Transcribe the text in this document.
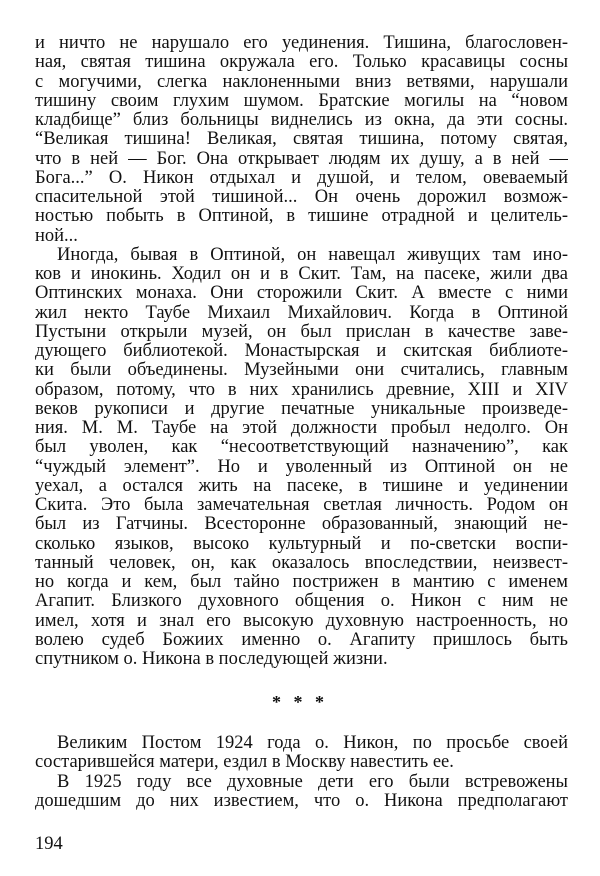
и ничто не нарушало его уединения. Тишина, благословен-
ная, святая тишина окружала его. Только красавицы сосны
с могучими, слегка наклоненными вниз ветвями, нарушали
тишину своим глухим шумом. Братские могилы на “новом
кладбище” близ больницы виднелись из окна, да эти сосны.
“Великая тишина! Великая, святая тишина, потому святая,
что в ней — Бог. Она открывает людям их душу, а в ней —
Бога...” О. Никон отдыхал и душой, и телом, овеваемый
спасительной этой тишиной... Он очень дорожил возмож-
ностью побыть в Оптиной, в тишине отрадной и целитель-
ной...
Иногда, бывая в Оптиной, он навещал живущих там ино-
ков и инокинь. Ходил он и в Скит. Там, на пасеке, жили два
Оптинских монаха. Они сторожили Скит. А вместе с ними
жил некто Таубе Михаил Михайлович. Когда в Оптиной
Пустыни открыли музей, он был прислан в качестве заве-
дующего библиотекой. Монастырская и скитская библиоте-
ки были объединены. Музейными они считались, главным
образом, потому, что в них хранились древние, XIII и XIV
веков рукописи и другие печатные уникальные произведе-
ния. М. М. Таубе на этой должности пробыл недолго. Он
был уволен, как “несоответствующий назначению”, как
“чуждый элемент”. Но и уволенный из Оптиной он не
уехал, а остался жить на пасеке, в тишине и уединении
Скита. Это была замечательная светлая личность. Родом он
был из Гатчины. Всесторонне образованный, знающий не-
сколько языков, высоко культурный и по-светски воспи-
танный человек, он, как оказалось впоследствии, неизвест-
но когда и кем, был тайно пострижен в мантию с именем
Агапит. Близкого духовного общения о. Никон с ним не
имел, хотя и знал его высокую духовную настроенность, но
волею судеб Божиих именно о. Агапиту пришлось быть
спутником о. Никона в последующей жизни.
* * *
Великим Постом 1924 года о. Никон, по просьбе своей
состарившейся матери, ездил в Москву навестить ее.
В 1925 году все духовные дети его были встревожены
дошедшим до них известием, что о. Никона предполагают
194
